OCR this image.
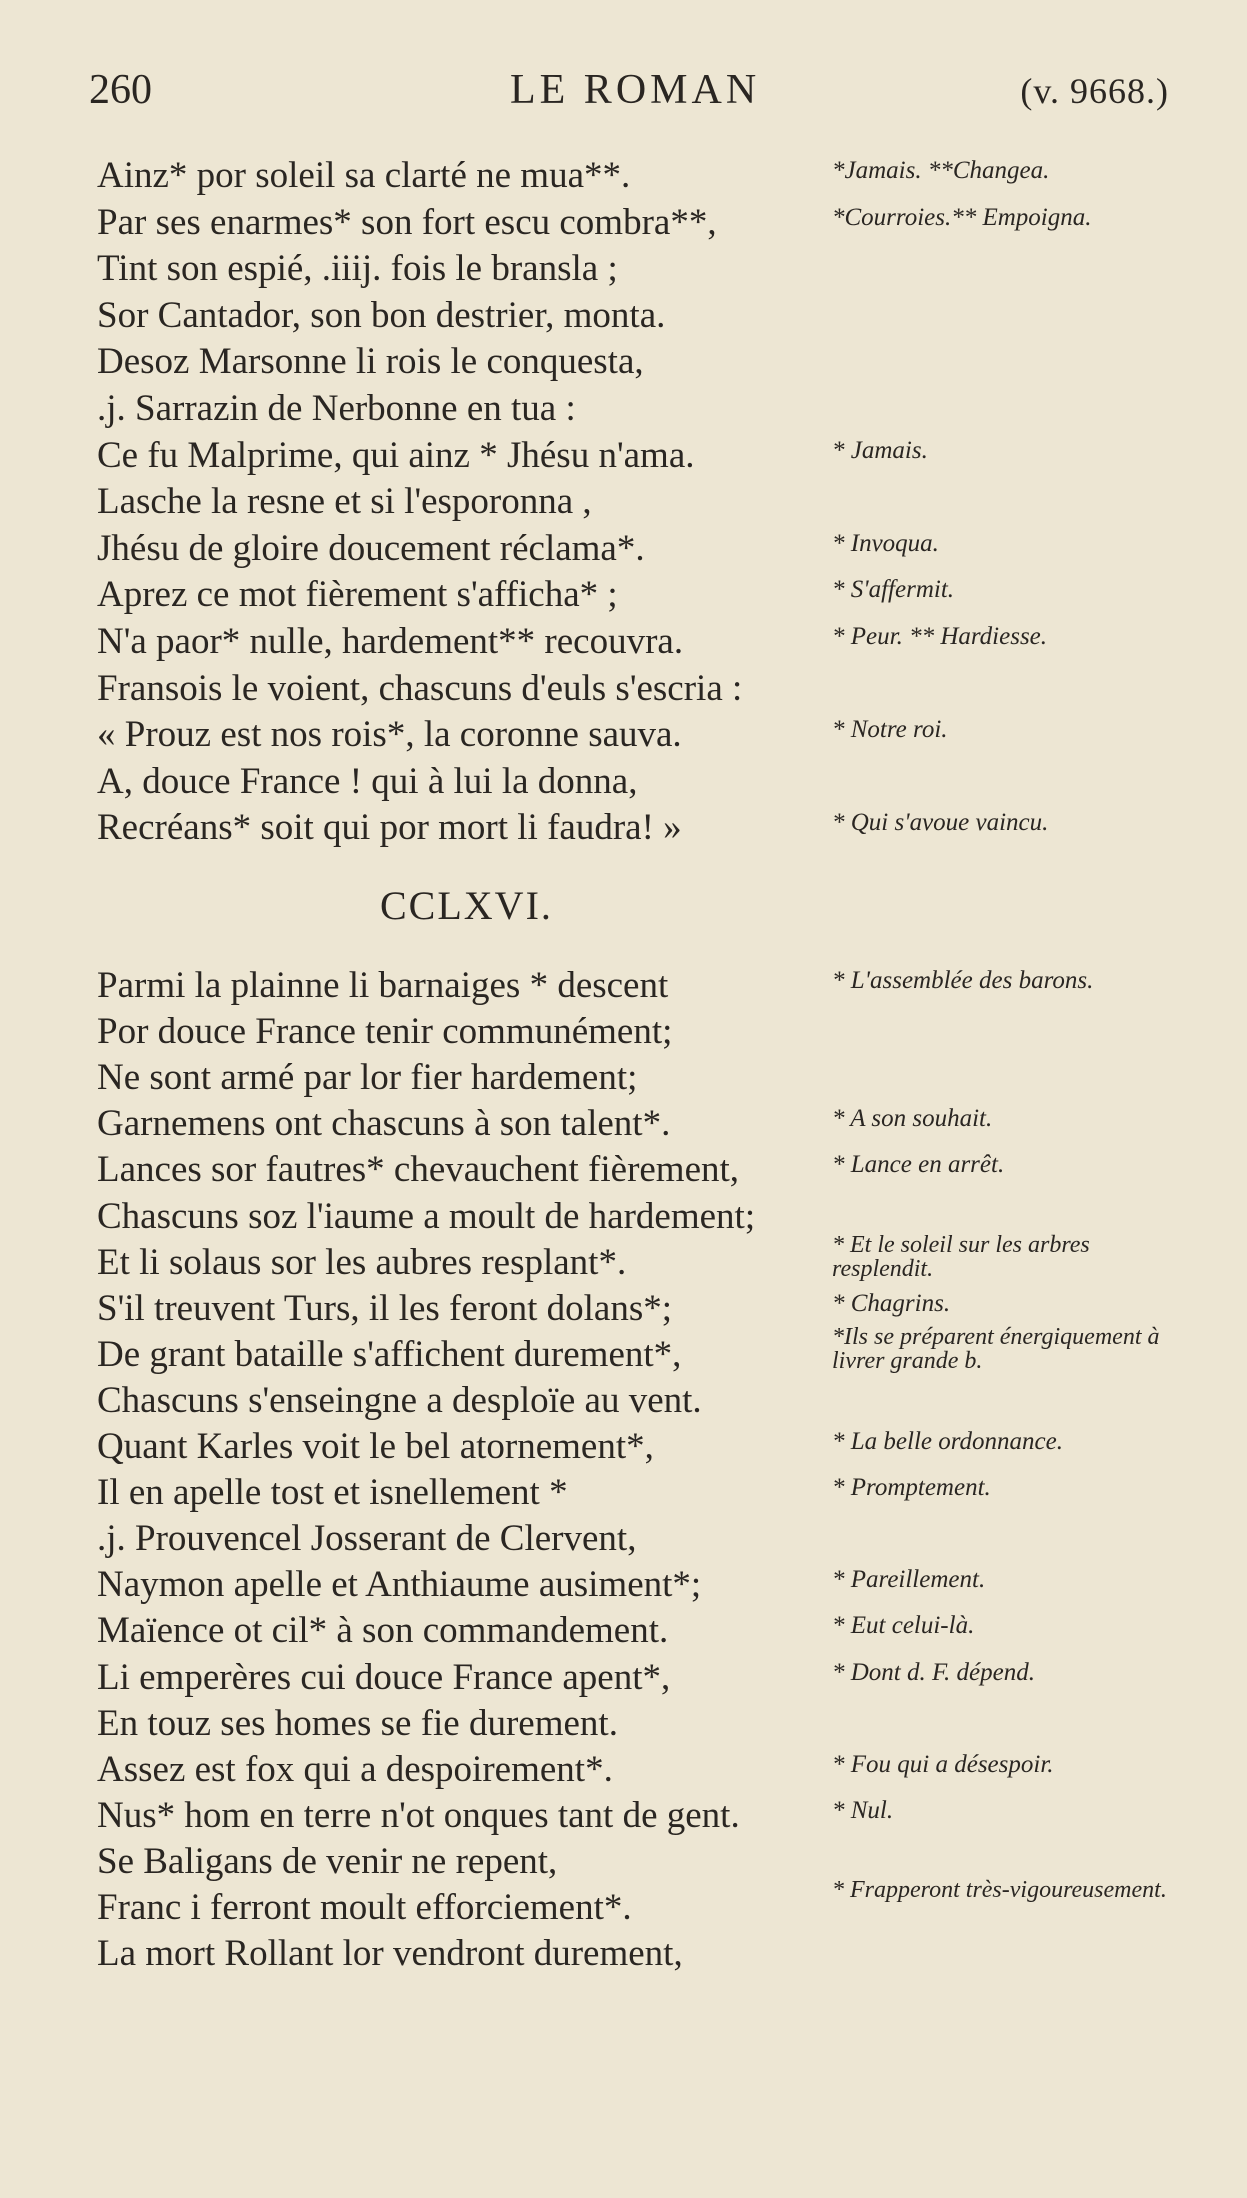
260	LE ROMAN	(v. 9668.)
Ainz* por soleil sa clarté ne mua**.	*Jamais. **Changea.
Par ses enarmes* son fort escu combra**,	*Courroies.** Empoigna.
Tint son espié, .iiij. fois le bransla ;
Sor Cantador, son bon destrier, monta.
Desoz Marsonne li rois le conquesta,
.j. Sarrazin de Nerbonne en tua :
Ce fu Malprime, qui ainz * Jhésu n'ama.	* Jamais.
Lasche la resne et si l'esporonna ,
Jhésu de gloire doucement réclama*.	* Invoqua.
Aprez ce mot fièrement s'afficha* ;	* S'affermit.
N'a paor* nulle, hardement** recouvra.	* Peur. ** Hardiesse.
Fransois le voient, chascuns d'euls s'escria :
« Prouz est nos rois*, la coronne sauva.	* Notre roi.
A, douce France ! qui à lui la donna,
Recréans* soit qui por mort li faudra! »	* Qui s'avoue vaincu.
CCLXVI.
Parmi la plainne li barnaiges * descent	* L'assemblée des barons.
Por douce France tenir communément;
Ne sont armé par lor fier hardement;
Garnemens ont chascuns à son talent*.	* A son souhait.
Lances sor fautres* chevauchent fièrement,	* Lance en arrêt.
Chascuns soz l'iaume a moult de hardement;
Et li solaus sor les aubres resplant*.	* Et le soleil sur les arbres resplendit.
S'il treuvent Turs, il les feront dolans*;	* Chagrins.
De grant bataille s'affichent durement*,	*Ils se préparent énergiquement à livrer grande b.
Chascuns s'enseingne a desploïe au vent.
Quant Karles voit le bel atornement*,	* La belle ordonnance.
Il en apelle tost et isnellement *	* Promptement.
.j. Prouvencel Josserant de Clervent,
Naymon apelle et Anthiaume ausiment*;	* Pareillement.
Maïence ot cil* à son commandement.	* Eut celui-là.
Li emperères cui douce France apent*,	* Dont d. F. dépend.
En touz ses homes se fie durement.
Assez est fox qui a despoirement*.	* Fou qui a désespoir.
Nus* hom en terre n'ot onques tant de gent.	* Nul.
Se Baligans de venir ne repent,
Franc i ferront moult efforciement*.	* Frapperont très-vigoureusement.
La mort Rollant lor vendront durement,
